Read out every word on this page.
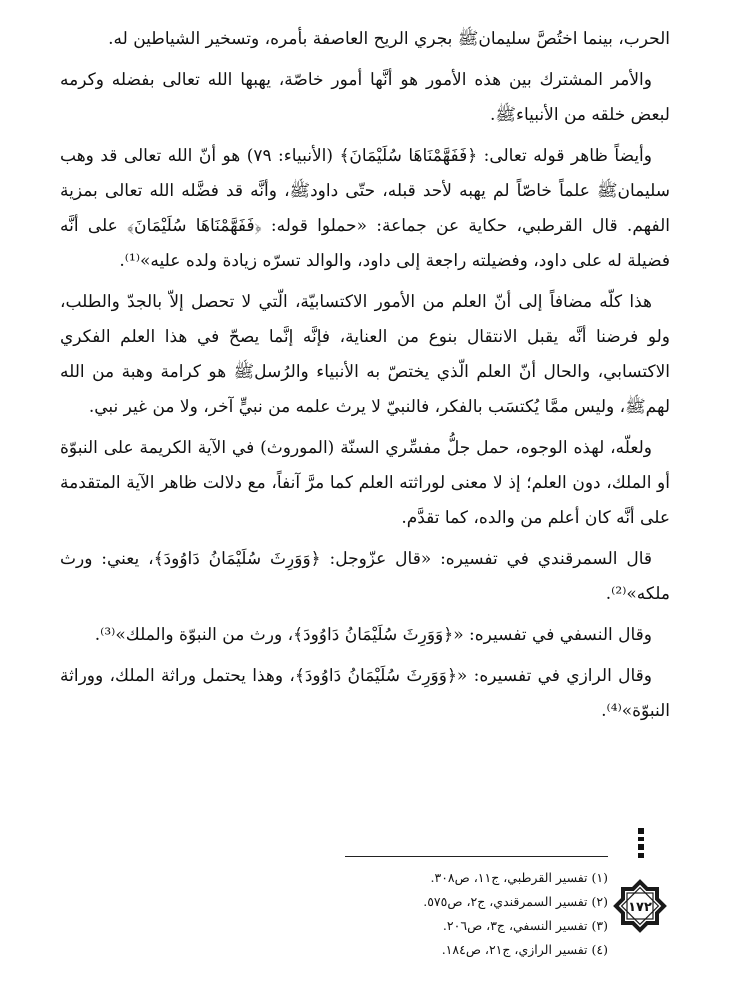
الحرب، بينما اختُصَّ سليمانﷺ بجري الريح العاصفة بأمره، وتسخير الشياطين له.

والأمر المشترك بين هذه الأمور هو أنَّها أمور خاصّة، يهبها الله تعالى بفضله وكرمه لبعض خلقه من الأنبياءﷺ.

وأيضاً ظاهر قوله تعالى: ﴿فَفَهَّمْنَاهَا سُلَيْمَانَ﴾ (الأنبياء: ٧٩) هو أنّ الله تعالى قد وهب سليمانﷺ علماً خاصّاً لم يهبه لأحد قبله، حتّى داودﷺ، وأنَّه قد فضَّله الله تعالى بمزية الفهم. قال القرطبي، حكاية عن جماعة: «حملوا قوله: ﴿فَفَهَّمْنَاهَا سُلَيْمَانَ﴾ على أنَّه فضيلة له على داود، وفضيلته راجعة إلى داود، والوالد تسرّه زيادة ولده عليه»⁽¹⁾.

هذا كلّه مضافاً إلى أنّ العلم من الأمور الاكتسابيّة، الّتي لا تحصل إلاّ بالجدّ والطلب، ولو فرضنا أنَّه يقبل الانتقال بنوع من العناية، فإنَّه إنَّما يصحّ في هذا العلم الفكري الاكتسابي، والحال أنّ العلم الّذي يختصّ به الأنبياء والرُسلﷺ هو كرامة وهبة من الله لهمﷺ، وليس ممَّا يُكتسَب بالفكر، فالنبيّ لا يرث علمه من نبيٍّ آخر، ولا من غير نبي.

ولعلّه، لهذه الوجوه، حمل جلُّ مفسِّري السنّة (الموروث) في الآية الكريمة على النبوّة أو الملك، دون العلم؛ إذ لا معنى لوراثته العلم كما مرَّ آنفاً، مع دلالت ظاهر الآية المتقدمة على أنَّه كان أعلم من والده، كما تقدَّم.

قال السمرقندي في تفسيره: «قال عزّوجل: ﴿وَوَرِثَ سُلَيْمَانُ دَاوُودَ﴾، يعني: ورث ملكه»⁽²⁾.

وقال النسفي في تفسيره: «﴿وَوَرِثَ سُلَيْمَانُ دَاوُودَ﴾، ورث من النبوّة والملك»⁽³⁾.

وقال الرازي في تفسيره: «﴿وَوَرِثَ سُلَيْمَانُ دَاوُودَ﴾، وهذا يحتمل وراثة الملك، ووراثة النبوّة»⁽⁴⁾.

(١) تفسير القرطبي، ج١١، ص٣٠٨.
(٢) تفسير السمرقندي، ج٢، ص٥٧٥.
(٣) تفسير النسفي، ج٣، ص٢٠٦.
(٤) تفسير الرازي، ج٢١، ص١٨٤.
١٧٢
